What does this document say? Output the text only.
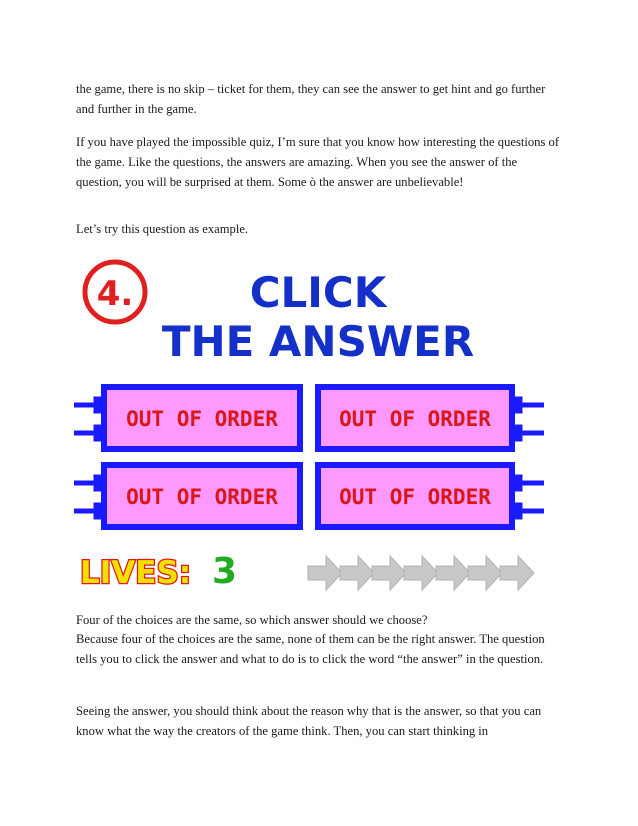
the game, there is no skip – ticket for them, they can see the answer to get hint and go further and further in the game.

If you have played the impossible quiz, I’m sure that you know how interesting the questions of the game. Like the questions, the answers are amazing. When you see the answer of the question, you will be surprised at them. Some ò the answer are unbelievable!

Let’s try this question as example.

4.	CLICK
THE ANSWER
OUT OF ORDER	OUT OF ORDER
OUT OF ORDER	OUT OF ORDER
LIVES: 3

Four of the choices are the same, so which answer should we choose?

Because four of the choices are the same, none of them can be the right answer. The question tells you to click the answer and what to do is to click the word “the answer” in the question.

Seeing the answer, you should think about the reason why that is the answer, so that you can know what the way the creators of the game think. Then, you can start thinking in
